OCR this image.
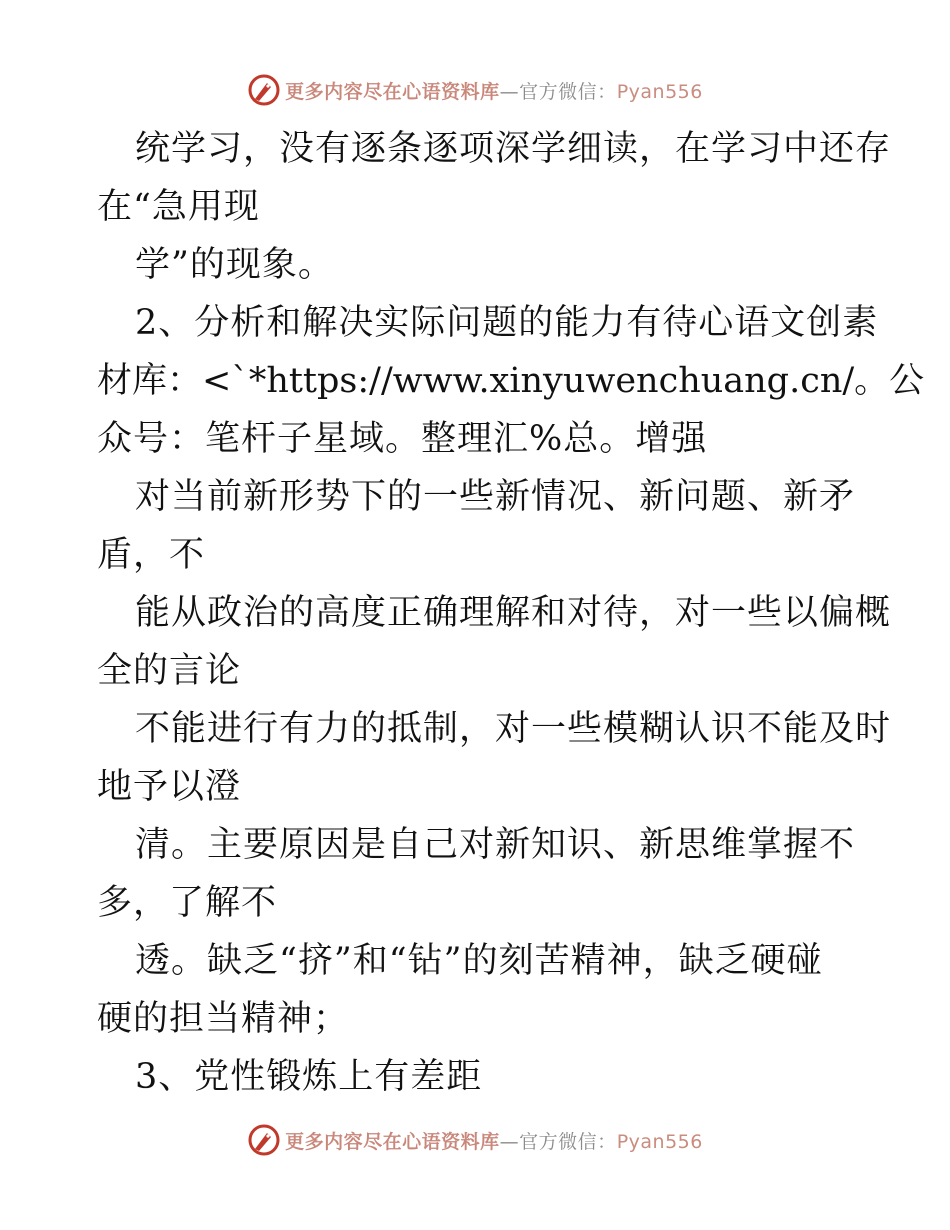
更多内容尽在心语资料库—官方微信：Pyan556
统学习，没有逐条逐项深学细读，在学习中还存
在“急用现
学”的现象。
2、分析和解决实际问题的能力有待心语文创素
材库：<`*https://www.xinyuwenchuang.cn/。公
众号：笔杆子星域。整理汇%总。增强
对当前新形势下的一些新情况、新问题、新矛
盾，不
能从政治的高度正确理解和对待，对一些以偏概
全的言论
不能进行有力的抵制，对一些模糊认识不能及时
地予以澄
清。主要原因是自己对新知识、新思维掌握不
多，了解不
透。缺乏“挤”和“钻”的刻苦精神，缺乏硬碰
硬的担当精神；
3、党性锻炼上有差距
更多内容尽在心语资料库—官方微信：Pyan556
